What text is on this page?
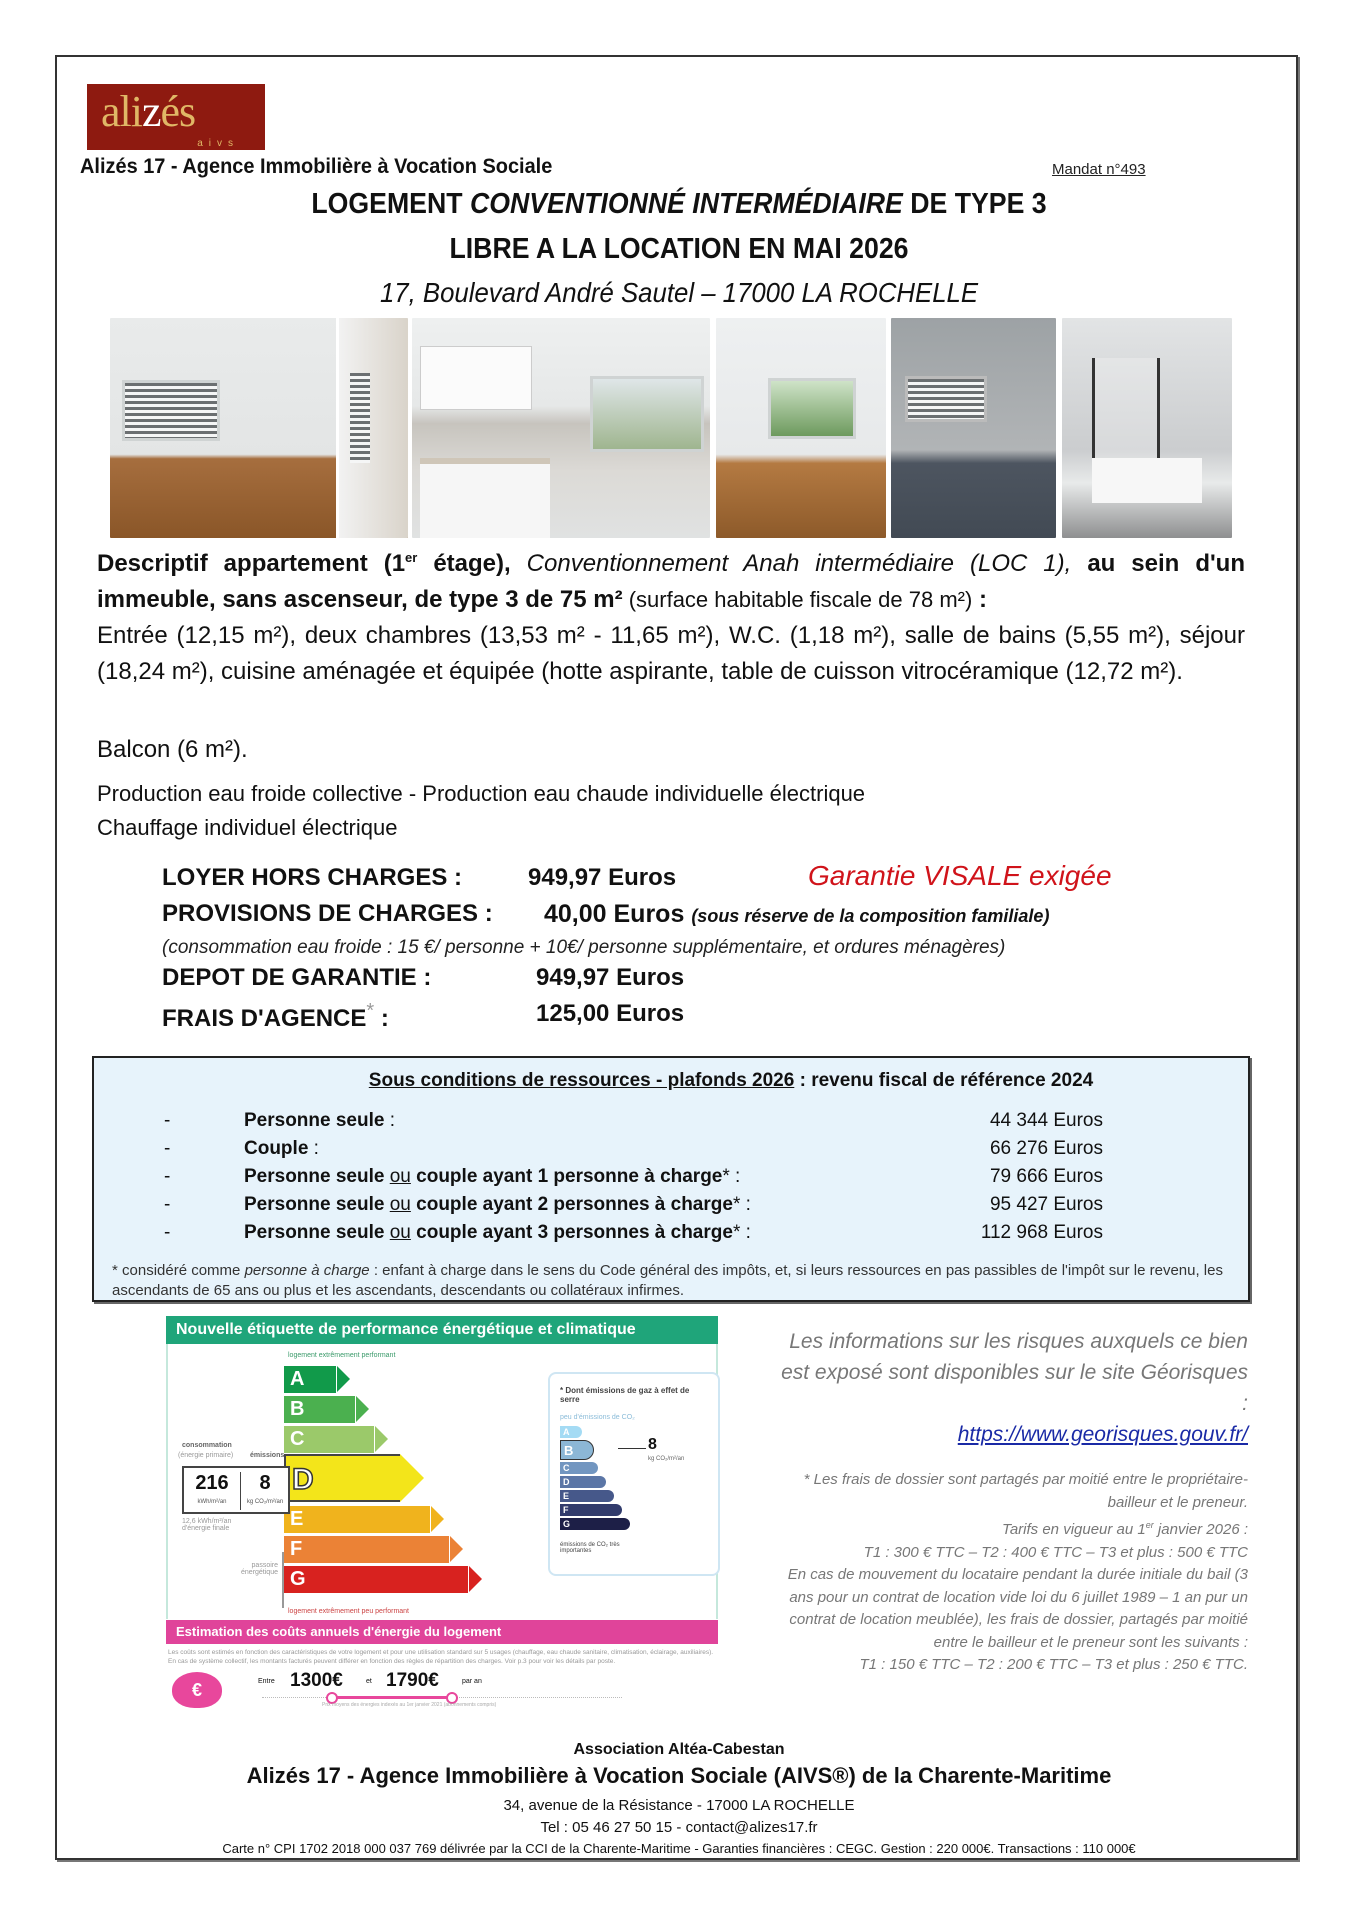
alizés
aivs
Alizés 17 - Agence Immobilière à Vocation Sociale	Mandat n°493
LOGEMENT CONVENTIONNÉ INTERMÉDIAIRE DE TYPE 3
LIBRE A LA LOCATION EN MAI 2026
17, Boulevard André Sautel – 17000 LA ROCHELLE
Descriptif appartement (1er étage), Conventionnement Anah intermédiaire (LOC 1), au sein d'un immeuble, sans ascenseur, de type 3 de 75 m² (surface habitable fiscale de 78 m²) :
Entrée (12,15 m²), deux chambres (13,53 m² - 11,65 m²), W.C. (1,18 m²), salle de bains (5,55 m²), séjour (18,24 m²), cuisine aménagée et équipée (hotte aspirante, table de cuisson vitrocéramique (12,72 m²).
Balcon (6 m²).
Production eau froide collective - Production eau chaude individuelle électrique
Chauffage individuel électrique
LOYER HORS CHARGES :	949,97 Euros	Garantie VISALE exigée
PROVISIONS DE CHARGES : 40,00 Euros (sous réserve de la composition familiale)
(consommation eau froide : 15 €/ personne + 10€/ personne supplémentaire, et ordures ménagères)
DEPOT DE GARANTIE :	949,97 Euros
FRAIS D'AGENCE* :	125,00 Euros
Sous conditions de ressources - plafonds 2026 : revenu fiscal de référence 2024
-	Personne seule :	44 344 Euros
-	Couple :	66 276 Euros
-	Personne seule ou couple ayant 1 personne à charge* :	79 666 Euros
-	Personne seule ou couple ayant 2 personnes à charge* :	95 427 Euros
-	Personne seule ou couple ayant 3 personnes à charge* :	112 968 Euros
* considéré comme personne à charge : enfant à charge dans le sens du Code général des impôts, et, si leurs ressources en pas passibles de l'impôt sur le revenu, les ascendants de 65 ans ou plus et les ascendants, descendants ou collatéraux infirmes.
Nouvelle étiquette de performance énergétique et climatique
logement extrêmement performant
A
B
C
D
E
F
G
consommation
(énergie primaire) émissions
216
kWh/m²/an
8
kg CO₂/m²/an
12,6 kWh/m²/an d'énergie finale
passoire énergétique
logement extrêmement peu performant
* Dont émissions de gaz à effet de serre
peu d'émissions de CO₂
A
B
C
D
E
F
G
8
kg CO₂/m²/an
émissions de CO₂ très importantes
Estimation des coûts annuels d'énergie du logement
Les coûts sont estimés en fonction des caractéristiques de votre logement et pour une utilisation standard sur 5 usages (chauffage, eau chaude sanitaire, climatisation, éclairage, auxiliaires). En cas de système collectif, les montants facturés peuvent différer en fonction des règles de répartition des charges. Voir p.3 pour voir les détails par poste.
€	Entre 1300€	et 1790€	par an
Prix moyens des énergies indexés au 1er janvier 2021 (abonnements compris)
Les informations sur les risques auxquels ce bien est exposé sont disponibles sur le site Géorisques :
https://www.georisques.gouv.fr/
* Les frais de dossier sont partagés par moitié entre le propriétaire-bailleur et le preneur.
Tarifs en vigueur au 1er janvier 2026 :
T1 : 300 € TTC – T2 : 400 € TTC – T3 et plus : 500 € TTC
En cas de mouvement du locataire pendant la durée initiale du bail (3 ans pour un contrat de location vide loi du 6 juillet 1989 – 1 an pur un contrat de location meublée), les frais de dossier, partagés par moitié entre le bailleur et le preneur sont les suivants :
T1 : 150 € TTC – T2 : 200 € TTC – T3 et plus : 250 € TTC.
Association Altéa-Cabestan
Alizés 17 - Agence Immobilière à Vocation Sociale (AIVS®) de la Charente-Maritime
34, avenue de la Résistance - 17000 LA ROCHELLE
Tel : 05 46 27 50 15 - contact@alizes17.fr
Carte n° CPI 1702 2018 000 037 769 délivrée par la CCI de la Charente-Maritime - Garanties financières : CEGC. Gestion : 220 000€. Transactions : 110 000€
